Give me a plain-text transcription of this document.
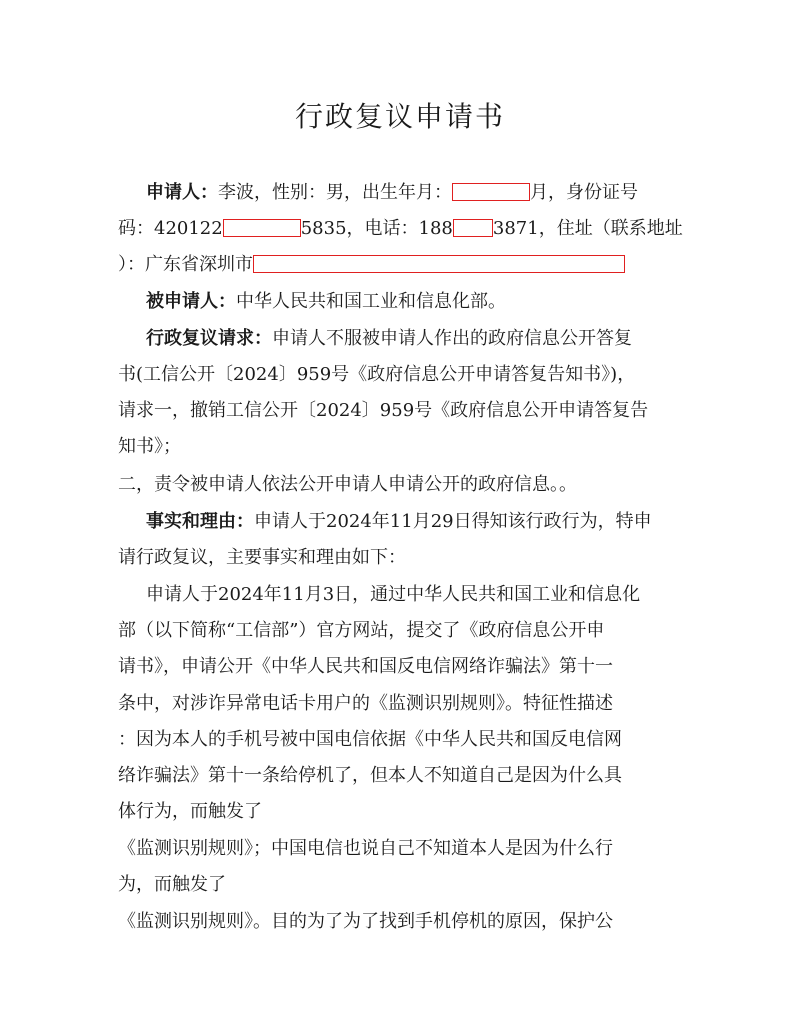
行政复议申请书
申请人：李波，性别：男，出生年月：	月，身份证号
码：420122	5835，电话：188 3871，住址（联系地址
）：广东省深圳市
被申请人：中华人民共和国工业和信息化部。
行政复议请求：申请人不服被申请人作出的政府信息公开答复
书(工信公开〔2024〕959号《政府信息公开申请答复告知书》)，
请求一，撤销工信公开〔2024〕959号《政府信息公开申请答复告
知书》；
二，责令被申请人依法公开申请人申请公开的政府信息。。
事实和理由：申请人于2024年11月29日得知该行政行为，特申
请行政复议，主要事实和理由如下：
申请人于2024年11月3日，通过中华人民共和国工业和信息化
部（以下简称“工信部”）官方网站，提交了《政府信息公开申
请书》，申请公开《中华人民共和国反电信网络诈骗法》第十一
条中，对涉诈异常电话卡用户的《监测识别规则》。特征性描述
：因为本人的手机号被中国电信依据《中华人民共和国反电信网
络诈骗法》第十一条给停机了，但本人不知道自己是因为什么具
体行为，而触发了
《监测识别规则》；中国电信也说自己不知道本人是因为什么行
为，而触发了
《监测识别规则》。目的为了为了找到手机停机的原因，保护公
